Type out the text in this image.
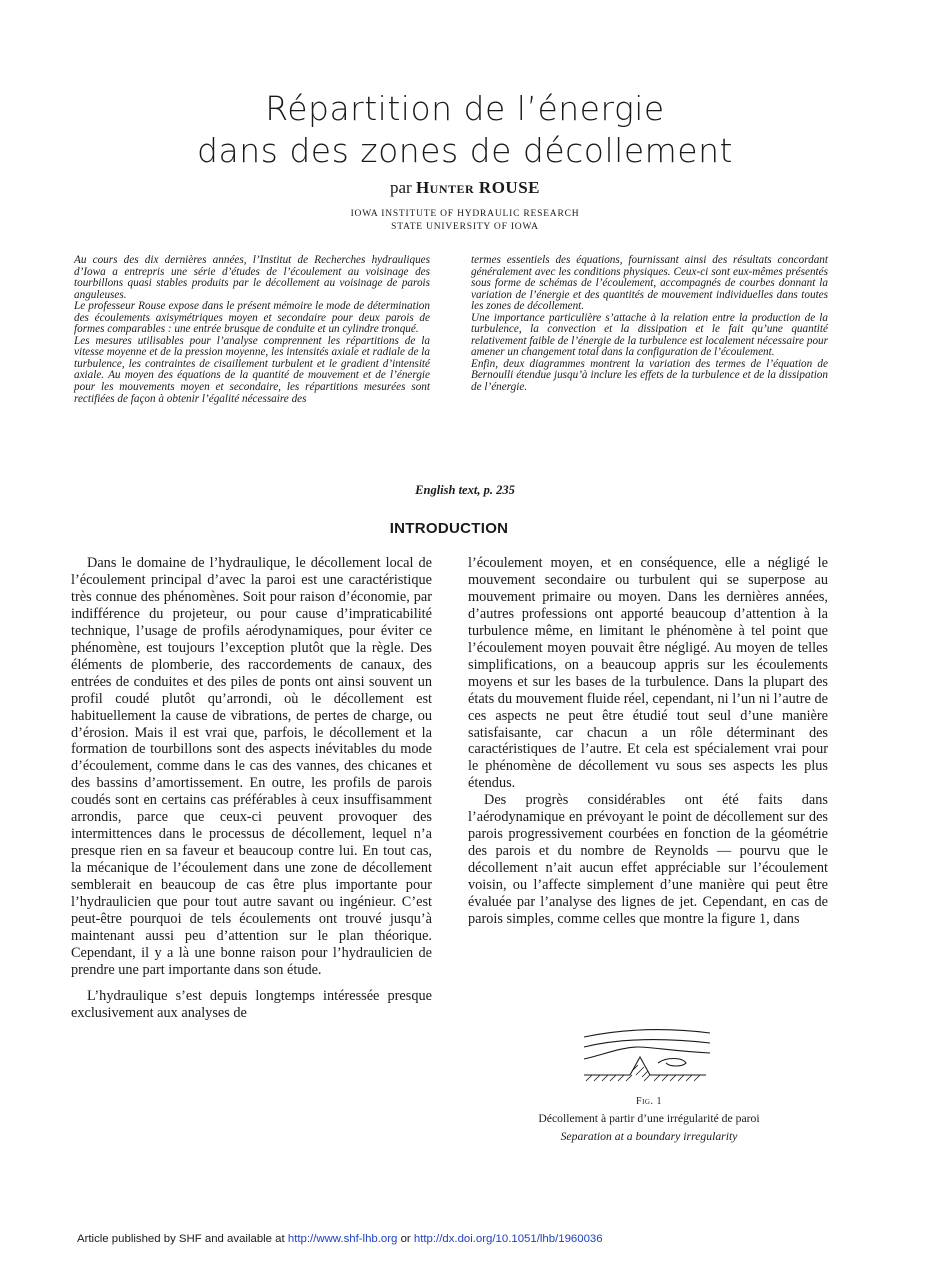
Répartition de l’énergie
dans des zones de décollement
par Hunter ROUSE
IOWA INSTITUTE OF HYDRAULIC RESEARCH
STATE UNIVERSITY OF IOWA

Au cours des dix dernières années, l’Institut de Recherches hydrauliques d’Iowa a entrepris une série d’études de l’écoulement au voisinage des tourbillons quasi stables produits par le décollement au voisinage de parois anguleuses.

Le professeur Rouse expose dans le présent mémoire le mode de détermination des écoulements axisymétriques moyen et secondaire pour deux parois de formes comparables : une entrée brusque de conduite et un cylindre tronqué.

Les mesures utilisables pour l’analyse comprennent les répartitions de la vitesse moyenne et de la pression moyenne, les intensités axiale et radiale de la turbulence, les contraintes de cisaillement turbulent et le gradient d’intensité axiale. Au moyen des équations de la quantité de mouvement et de l’énergie pour les mouvements moyen et secondaire, les répartitions mesurées sont rectifiées de façon à obtenir l’égalité nécessaire des

termes essentiels des équations, fournissant ainsi des résultats concordant généralement avec les conditions physiques. Ceux-ci sont eux-mêmes présentés sous forme de schémas de l’écoulement, accompagnés de courbes donnant la variation de l’énergie et des quantités de mouvement individuelles dans toutes les zones de décollement.

Une importance particulière s’attache à la relation entre la production de la turbulence, la convection et la dissipation et le fait qu’une quantité relativement faible de l’énergie de la turbulence est localement nécessaire pour amener un changement total dans la configuration de l’écoulement.

Enfin, deux diagrammes montrent la variation des termes de l’équation de Bernoulli étendue jusqu’à inclure les effets de la turbulence et de la dissipation de l’énergie.

English text, p. 235
INTRODUCTION

Dans le domaine de l’hydraulique, le décollement local de l’écoulement principal d’avec la paroi est une caractéristique très connue des phénomènes. Soit pour raison d’économie, par indifférence du projeteur, ou pour cause d’impraticabilité technique, l’usage de profils aérodynamiques, pour éviter ce phénomène, est toujours l’exception plutôt que la règle. Des éléments de plomberie, des raccordements de canaux, des entrées de conduites et des piles de ponts ont ainsi souvent un profil coudé plutôt qu’arrondi, où le décollement est habituellement la cause de vibrations, de pertes de charge, ou d’érosion. Mais il est vrai que, parfois, le décollement et la formation de tourbillons sont des aspects inévitables du mode d’écoulement, comme dans le cas des vannes, des chicanes et des bassins d’amortissement. En outre, les profils de parois coudés sont en certains cas préférables à ceux insuffisamment arrondis, parce que ceux-ci peuvent provoquer des intermittences dans le processus de décollement, lequel n’a presque rien en sa faveur et beaucoup contre lui. En tout cas, la mécanique de l’écoulement dans une zone de décollement semblerait en beaucoup de cas être plus importante pour l’hydraulicien que pour tout autre savant ou ingénieur. C’est peut-être pourquoi de tels écoulements ont trouvé jusqu’à maintenant aussi peu d’attention sur le plan théorique. Cependant, il y a là une bonne raison pour l’hydraulicien de prendre une part importante dans son étude.

L’hydraulique s’est depuis longtemps intéressée presque exclusivement aux analyses de

l’écoulement moyen, et en conséquence, elle a négligé le mouvement secondaire ou turbulent qui se superpose au mouvement primaire ou moyen. Dans les dernières années, d’autres professions ont apporté beaucoup d’attention à la turbulence même, en limitant le phénomène à tel point que l’écoulement moyen pouvait être négligé. Au moyen de telles simplifications, on a beaucoup appris sur les écoulements moyens et sur les bases de la turbulence. Dans la plupart des états du mouvement fluide réel, cependant, ni l’un ni l’autre de ces aspects ne peut être étudié tout seul d’une manière satisfaisante, car chacun a un rôle déterminant des caractéristiques de l’autre. Et cela est spécialement vrai pour le phénomène de décollement vu sous ses aspects les plus étendus.

Des progrès considérables ont été faits dans l’aérodynamique en prévoyant le point de décollement sur des parois progressivement courbées en fonction de la géométrie des parois et du nombre de Reynolds — pourvu que le décollement n’ait aucun effet appréciable sur l’écoulement voisin, ou l’affecte simplement d’une manière qui peut être évaluée par l’analyse des lignes de jet. Cependant, en cas de parois simples, comme celles que montre la figure 1, dans

Fig. 1
Décollement à partir d’une irrégularité de paroi
Separation at a boundary irregularity
Article published by SHF and available at http://www.shf-lhb.org or http://dx.doi.org/10.1051/lhb/1960036
